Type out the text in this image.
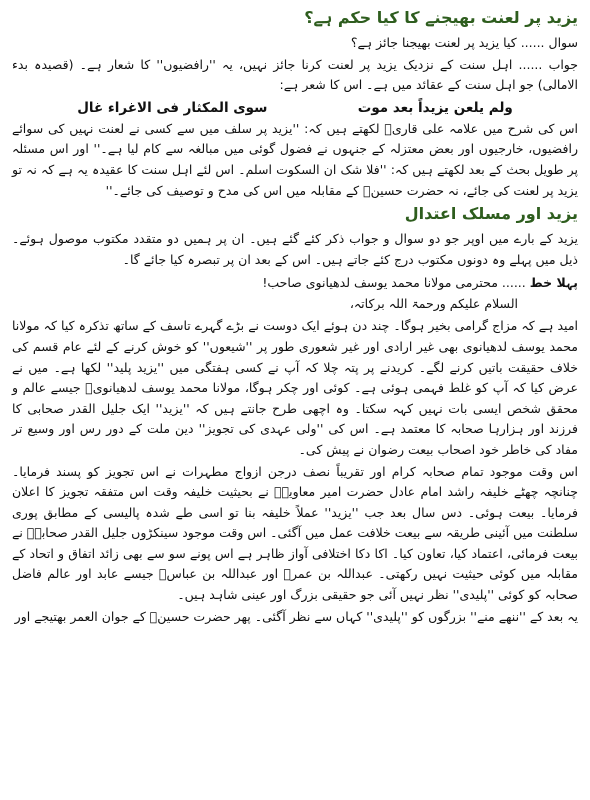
یزید پر لعنت بھیجنے کا کیا حکم ہے؟

سوال ...... کیا یزید پر لعنت بھیجنا جائز ہے؟

جواب ...... اہل سنت کے نزدیک یزید پر لعنت کرنا جائز نہیں، یہ ''رافضیوں'' کا شعار ہے۔ (قصیدہ بدء الامالی) جو اہل سنت کے عقائد میں ہے۔ اس کا شعر ہے:

ولم یلعن یزیداً بعد موت
سوی المکثار فی الاغراء غال

اس کی شرح میں علامہ علی قاریؒ لکھتے ہیں کہ: ''یزید پر سلف میں سے کسی نے لعنت نہیں کی سوائے رافضیوں، خارجیوں اور بعض معتزلہ کے جنہوں نے فضول گوئی میں مبالغہ سے کام لیا ہے۔'' اور اس مسئلہ پر طویل بحث کے بعد لکھتے ہیں کہ: ''فلا شک ان السکوت اسلم۔ اس لئے اہل سنت کا عقیدہ یہ ہے کہ نہ تو یزید پر لعنت کی جائے، نہ حضرت حسینؓ کے مقابلہ میں اس کی مدح و توصیف کی جائے۔''

یزید اور مسلک اعتدال

یزید کے بارے میں اوپر جو دو سوال و جواب ذکر کئے گئے ہیں۔ ان پر ہمیں دو متقدد مکتوب موصول ہوئے۔ ذیل میں پہلے وہ دونوں مکتوب درج کئے جاتے ہیں۔ اس کے بعد ان پر تبصرہ کیا جائے گا۔

پہلا خط ...... محترمی مولانا محمد یوسف لدھیانوی صاحب!

السلام علیکم ورحمۃ اللہ برکاتہ،

امید ہے کہ مزاج گرامی بخیر ہوگا۔ چند دن ہوئے ایک دوست نے بڑے گہرے تاسف کے ساتھ تذکرہ کیا کہ مولانا محمد یوسف لدھیانوی بھی غیر ارادی اور غیر شعوری طور پر ''شیعوں'' کو خوش کرنے کے لئے عام قسم کی خلاف حقیقت باتیں کرنے لگے۔ کریدنے پر پتہ چلا کہ آپ نے کسی ہفتگی میں ''یزید پلید'' لکھا ہے۔ میں نے عرض کیا کہ آپ کو غلط فہمی ہوئی ہے۔ کوئی اور چکر ہوگا، مولانا محمد یوسف لدھیانویؒ جیسے عالم و محقق شخص ایسی بات نہیں کہہ سکتا۔ وہ اچھی طرح جانتے ہیں کہ ''یزید'' ایک جلیل القدر صحابی کا فرزند اور ہزارہا صحابہ کا معتمد ہے۔ اس کی ''ولی عہدی کی تجویز'' دین ملت کے دور رس اور وسیع تر مفاد کی خاطر خود اصحاب بیعت رضوان نے پیش کی۔

اس وقت موجود تمام صحابہ کرام اور تقریباً نصف درجن ازواج مطہرات نے اس تجویز کو پسند فرمایا۔ چنانچہ چھٹے خلیفہ راشد امام عادل حضرت امیر معاویہؓ نے بحیثیت خلیفہ وقت اس متفقہ تجویز کا اعلان فرمایا۔ بیعت ہوئی۔ دس سال بعد جب ''یزید'' عملاً خلیفہ بنا تو اسی طے شدہ پالیسی کے مطابق پوری سلطنت میں آئینی طریقہ سے بیعت خلافت عمل میں آگئی۔ اس وقت موجود سینکڑوں جلیل القدر صحابہؓ نے بیعت فرمائی، اعتماد کیا، تعاون کیا۔ اکا دکا اختلافی آواز ظاہر ہے اس پونے سو سے بھی زائد اتفاق و اتحاد کے مقابلہ میں کوئی حیثیت نہیں رکھتی۔ عبداللہ بن عمرؓ اور عبداللہ بن عباسؓ جیسے عابد اور عالم فاضل صحابہ کو کوئی ''پلیدی'' نظر نہیں آئی جو حقیقی بزرگ اور عینی شاہد ہیں۔

یہ بعد کے ''ننھے منے'' بزرگوں کو ''پلیدی'' کہاں سے نظر آگئی۔ پھر حضرت حسینؓ کے جوان العمر بھتیجے اور
